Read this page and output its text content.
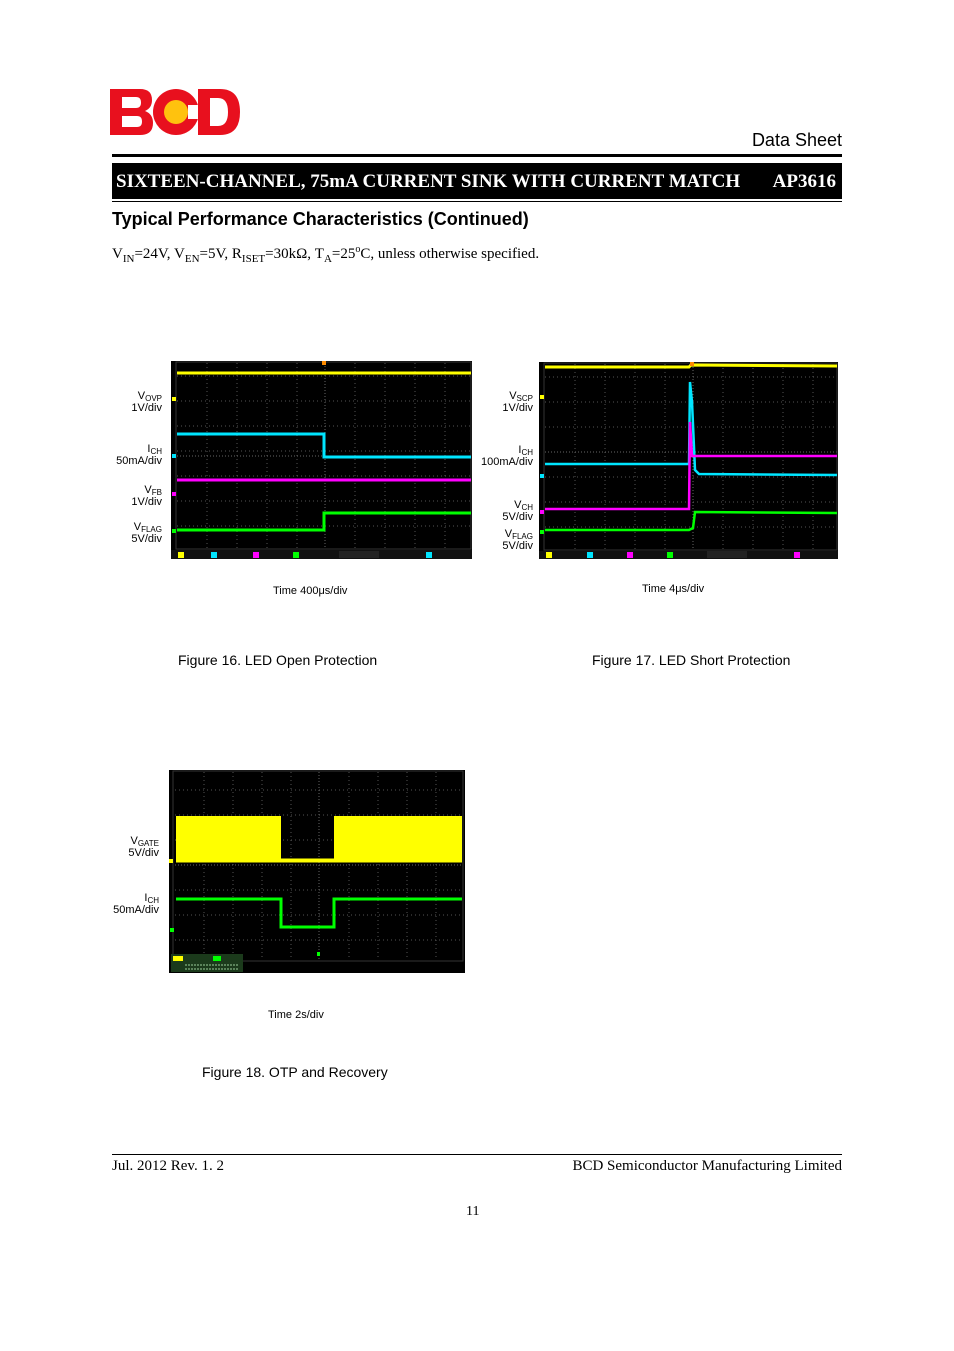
Data Sheet
SIXTEEN-CHANNEL, 75mA CURRENT SINK WITH CURRENT MATCH AP3616
Typical Performance Characteristics (Continued)
$V_{IN}=24V$, $V_{EN}=5V$, $R_{ISET}=30k\Omega$, $T_A=25^oC$, unless otherwise specified.
$V_{OVP}$
1V/div
$I_{CH}$
50mA/div
$V_{FB}$
1V/div
$V_{FLAG}$
5V/div
Time 400μs/div
Figure 16. LED Open Protection
$V_{SCP}$
1V/div
$I_{CH}$
100mA/div
$V_{CH}$
5V/div
$V_{FLAG}$
5V/div
Time 4μs/div
Figure 17. LED Short Protection
$V_{GATE}$
5V/div
$I_{CH}$
50mA/div
Time 2s/div
Figure 18. OTP and Recovery
Jul. 2012 Rev. 1. 2	BCD Semiconductor Manufacturing Limited
11
